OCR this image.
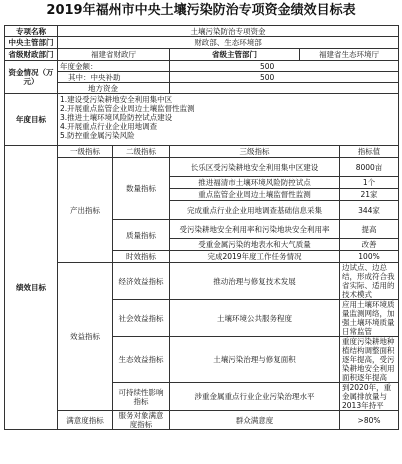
2019年福州市中央土壤污染防治专项资金绩效目标表
专项名称	土壤污染防治专项资金				
中央主管部门	财政部、生态环境部				
省级财政部门	福建省财政厅		省级主管部门	福建省生态环境厅	
资金情况（万元）	年度金额：		500		
	其中：中央补助		500		
	地方资金				
年度目标	1.建设受污染耕地安全利用集中区
2.开展重点监管企业周边土壤监督性监测
3.推进土壤环境风险防控试点建设
4.开展重点行业企业用地调查
5.防控重金属污染风险				

绩效目标	一级指标	二级指标	三级指标		指标值
	产出指标	数量指标	长乐区受污染耕地安全利用集中区建设		8000亩
			推进福清市土壤环境风险防控试点		1个
			重点监管企业周边土壤监督性监测		21家
			完成重点行业企业用地调查基础信息采集		344家
		质量指标	受污染耕地安全利用率和污染地块安全利用率		提高
			受重金属污染的地表水和大气质量		改善
		时效指标	完成2019年度工作任务情况		100%
	效益指标	经济效益指标	推动治理与修复技术发展		边试点、边总结，形成符合我省实际、适用的技术模式
		社会效益指标	土壤环境公共服务程度		应用土壤环境质量监测网络，加强土壤环境质量日常监管
		生态效益指标	土壤污染治理与修复面积		重度污染耕地种植结构调整面积逐年提高，受污染耕地安全利用面积逐年提高
		可持续性影响指标	涉重金属重点行业企业污染治理水平		到2020年，重金属排放量与2013年持平
	满意度指标	服务对象满意度指标	群众满意度		>80%
